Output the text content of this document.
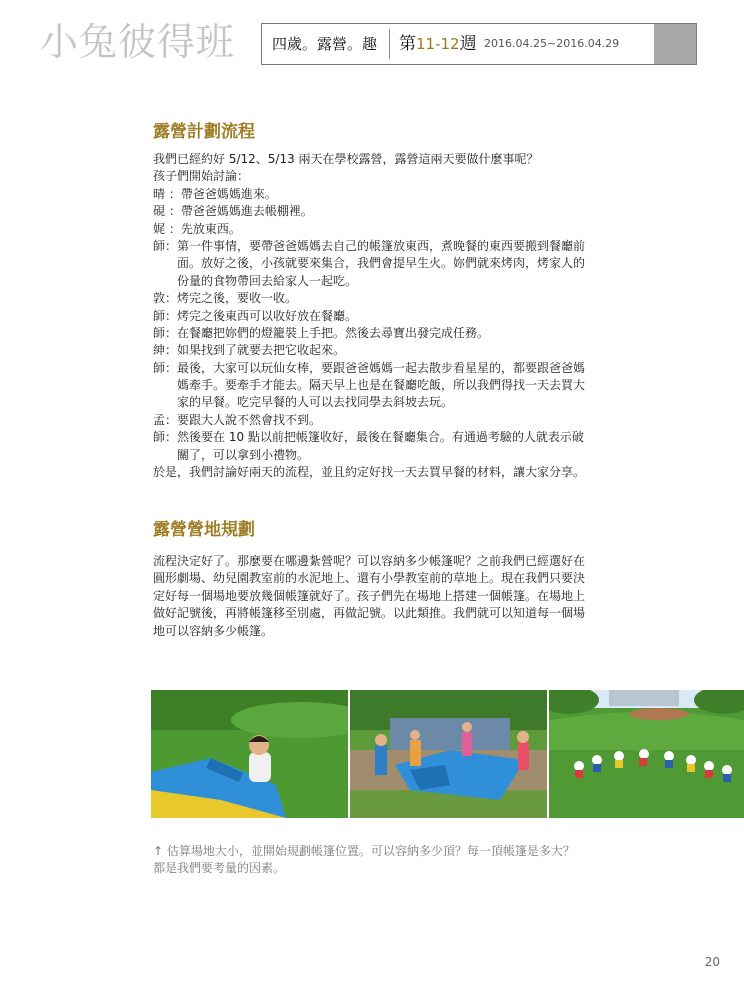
小兔彼得班 四歲。露營。趣 第11-12週 2016.04.25~2016.04.29
露營計劃流程
我們已經約好 5/12、5/13 兩天在學校露營，露營這兩天要做什麼事呢？
孩子們開始討論：
晴 ：帶爸爸媽媽進來。
硯 ：帶爸爸媽媽進去帳棚裡。
娓 ：先放東西。
師：第一件事情，要帶爸爸媽媽去自己的帳篷放東西，煮晚餐的東西要搬到餐廳前
面。放好之後，小孩就要來集合，我們會提早生火。妳們就來烤肉，烤家人的
份量的食物帶回去給家人一起吃。
敦：烤完之後，要收一收。
師：烤完之後東西可以收好放在餐廳。
師：在餐廳把妳們的燈籠裝上手把。然後去尋寶出發完成任務。
紳：如果找到了就要去把它收起來。
師：最後，大家可以玩仙女棒，要跟爸爸媽媽一起去散步看星星的，都要跟爸爸媽
媽牽手。要牽手才能去。隔天早上也是在餐廳吃飯，所以我們得找一天去買大
家的早餐。吃完早餐的人可以去找同學去斜坡去玩。
孟：要跟大人說不然會找不到。
師：然後要在 10 點以前把帳篷收好，最後在餐廳集合。有通過考驗的人就表示破
關了，可以拿到小禮物。
於是，我們討論好兩天的流程，並且約定好找一天去買早餐的材料，讓大家分享。
露營營地規劃
流程決定好了。那麼要在哪邊紮營呢？可以容納多少帳篷呢？之前我們已經選好在
圓形劇場、幼兒園教室前的水泥地上、還有小學教室前的草地上。現在我們只要決
定好每一個場地要放幾個帳篷就好了。孩子們先在場地上搭建一個帳篷。在場地上
做好記號後，再將帳篷移至別處，再做記號。以此類推。我們就可以知道每一個場
地可以容納多少帳篷。
↑ 估算場地大小，並開始規劃帳篷位置。可以容納多少頂？每一頂帳篷是多大？
都是我們要考量的因素。
20
